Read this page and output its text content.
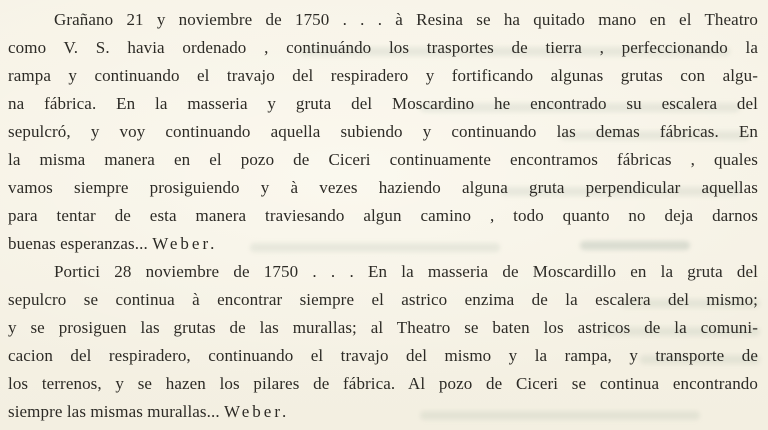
Grañano 21 y noviembre de 1750 . . . à Resina se ha quitado mano en el Theatro
como V. S. havia ordenado , continuándo los trasportes de tierra , perfeccionando la
rampa y continuando el travajo del respiradero y fortificando algunas grutas con algu-
na fábrica. En la masseria y gruta del Moscardino he encontrado su escalera del
sepulcró, y voy continuando aquella subiendo y continuando las demas fábricas. En
la misma manera en el pozo de Ciceri continuamente encontramos fábricas , quales
vamos siempre prosiguiendo y à vezes haziendo alguna gruta perpendicular aquellas
para tentar de esta manera traviesando algun camino , todo quanto no deja darnos
buenas esperanzas... Weber.
Portici 28 noviembre de 1750 . . . En la masseria de Moscardillo en la gruta del
sepulcro se continua à encontrar siempre el astrico enzima de la escalera del mismo;
y se prosiguen las grutas de las murallas; al Theatro se baten los astricos de la comuni-
cacion del respiradero, continuando el travajo del mismo y la rampa, y transporte de
los terrenos, y se hazen los pilares de fábrica. Al pozo de Ciceri se continua encontrando
siempre las mismas murallas... Weber.
